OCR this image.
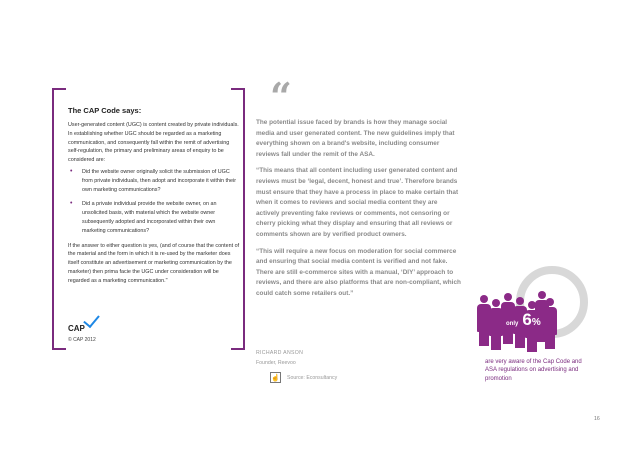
The CAP Code says:

User-generated content (UGC) is content created by private individuals. In establishing whether UGC should be regarded as a marketing communication, and consequently fall within the remit of advertising self-regulation, the primary and preliminary areas of enquiry to be considered are:

• Did the website owner originally solicit the submission of UGC from private individuals, then adopt and incorporate it within their own marketing communications?
• Did a private individual provide the website owner, on an unsolicited basis, with material which the website owner subsequently adopted and incorporated within their own marketing communications?

If the answer to either question is yes, (and of course that the content of the material and the form in which it is re-used by the marketer does itself constitute an advertisement or marketing communication by the marketer) then prima facie the UGC under consideration will be regarded as a marketing communication."

CAP
© CAP 2012
“

The potential issue faced by brands is how they manage social media and user generated content. The new guidelines imply that everything shown on a brand's website, including consumer reviews fall under the remit of the ASA.

“This means that all content including user generated content and reviews must be ‘legal, decent, honest and true’. Therefore brands must ensure that they have a process in place to make certain that when it comes to reviews and social media content they are actively preventing fake reviews or comments, not censoring or cherry picking what they display and ensuring that all reviews or comments shown are by verified product owners.

“This will require a new focus on moderation for social commerce and ensuring that social media content is verified and not fake. There are still e-commerce sites with a manual, ‘DIY’ approach to reviews, and there are also platforms that are non-compliant, which could catch some retailers out.”

RICHARD ANSON
Founder, Reevoo
☝ Source: Econsultancy
only 6 %
are very aware of the Cap Code and ASA regulations on advertising and promotion
16
